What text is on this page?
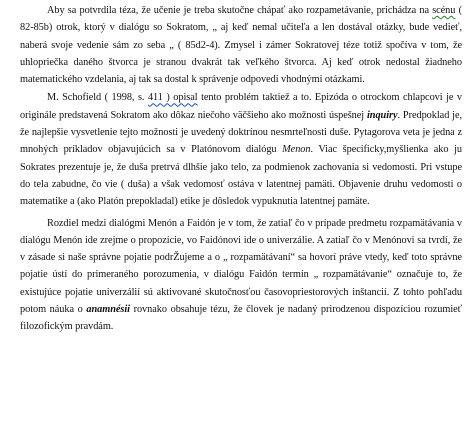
Aby sa potvrdila téza, že učenie je treba skutočne chápať ako rozpametávanie, prichádza na scénu ( 82-85b) otrok, ktorý v dialógu so Sokratom, „ aj keď nemal učiteľa a len dostával otázky, bude vedieť, naberá svoje vedenie sám zo seba „ ( 85d2-4). Zmysel i zámer Sokratovej téze totiž spočíva v tom, že uhlopriečka daného štvorca je stranou dvakrát tak veľkého štvorca. Aj keď otrok nedostal žiadneho matematického vzdelania, aj tak sa dostal k správenje odpovedi vhodnými otázkami.

M. Schofield ( 1998, s. 411 ) opisal tento problém taktiež a to. Epizóda o otrockom chlapcovi je v originále predstavená Sokratom ako dôkaz niečoho väčšieho ako možnosti úspešnej inquiry. Predpoklad je, že najlepšie vysvetlenie tejto možnosti je uvedený doktrínou nesmrteľnosti duše. Pytagorova veta je jedna z mnohých príkladov objavujúcich sa v Platónovom dialógu Menon. Viac špecificky,myšlienka ako ju Sokrates prezentuje je, že duša pretrvá dlhšie jako telo, za podmienok zachovania si vedomosti. Pri vstupe do tela zabudne, čo vie ( duša) a však vedomosť ostáva v latentnej pamäti. Objavenie druhu vedomosti o matematike a (ako Platón prepokladal) etike je dôsledok vypuknutia latentnej pamäte.

Rozdiel medzi dialógmi Menón a Faidón je v tom, že zatiaľ čo v prípade predmetu rozpamätávania v dialógu Menón ide zrejme o propozície, vo Faidónovi ide o univerzálie. A zatiaľ čo v Menónovi sa tvrdí, že v zásade si naše správne pojatie podrŽujeme a o „ rozpamätávaní“ sa hovorí práve vtedy, keď toto správne pojatie ústí do primeraného porozumenia, v dialógu Faidón termín „ rozpamätávanie“ označuje to, že existujúce pojatie univerzálií sú aktivované skutočnosťou časovopriestorových inštancií. Z tohto pohľadu potom náuka o anamnésii rovnako obsahuje tézu, že človek je nadaný prirodzenou dispozíciou rozumieť filozofickým pravdám.
